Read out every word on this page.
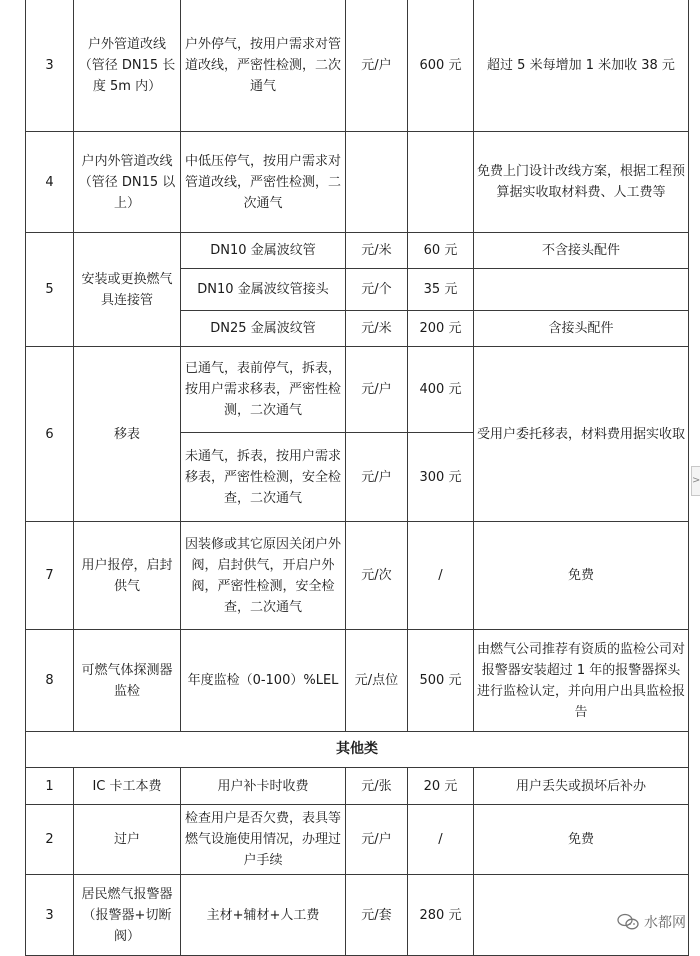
3	户外管道改线（管径 DN15 长度 5m 内）	户外停气，按用户需求对管道改线，严密性检测，二次通气	元/户	600 元	超过 5 米每增加 1 米加收 38 元
4	户内外管道改线（管径 DN15 以上）	中低压停气，按用户需求对管道改线，严密性检测，二次通气			免费上门设计改线方案，根据工程预算据实收取材料费、人工费等
5	安装或更换燃气具连接管	DN10 金属波纹管	元/米	60 元	不含接头配件
		DN10 金属波纹管接头	元/个	35 元	
		DN25 金属波纹管	元/米	200 元	含接头配件
6	移表	已通气，表前停气，拆表，按用户需求移表，严密性检测，二次通气	元/户	400 元	受用户委托移表，材料费用据实收取
		未通气，拆表，按用户需求移表，严密性检测，安全检查，二次通气	元/户	300 元	
7	用户报停，启封供气	因装修或其它原因关闭户外阀，启封供气，开启户外阀，严密性检测，安全检查，二次通气	元/次	/	免费
8	可燃气体探测器监检	年度监检（0-100）%LEL	元/点位	500 元	由燃气公司推荐有资质的监检公司对报警器安装超过 1 年的报警器探头进行监检认定，并向用户出具监检报告
其他类					
1	IC 卡工本费	用户补卡时收费	元/张	20 元	用户丢失或损坏后补办
2	过户	检查用户是否欠费，表具等燃气设施使用情况，办理过户手续	元/户	/	免费
3	居民燃气报警器（报警器+切断阀）	主材+辅材+人工费	元/套	280 元	
>
水都网
